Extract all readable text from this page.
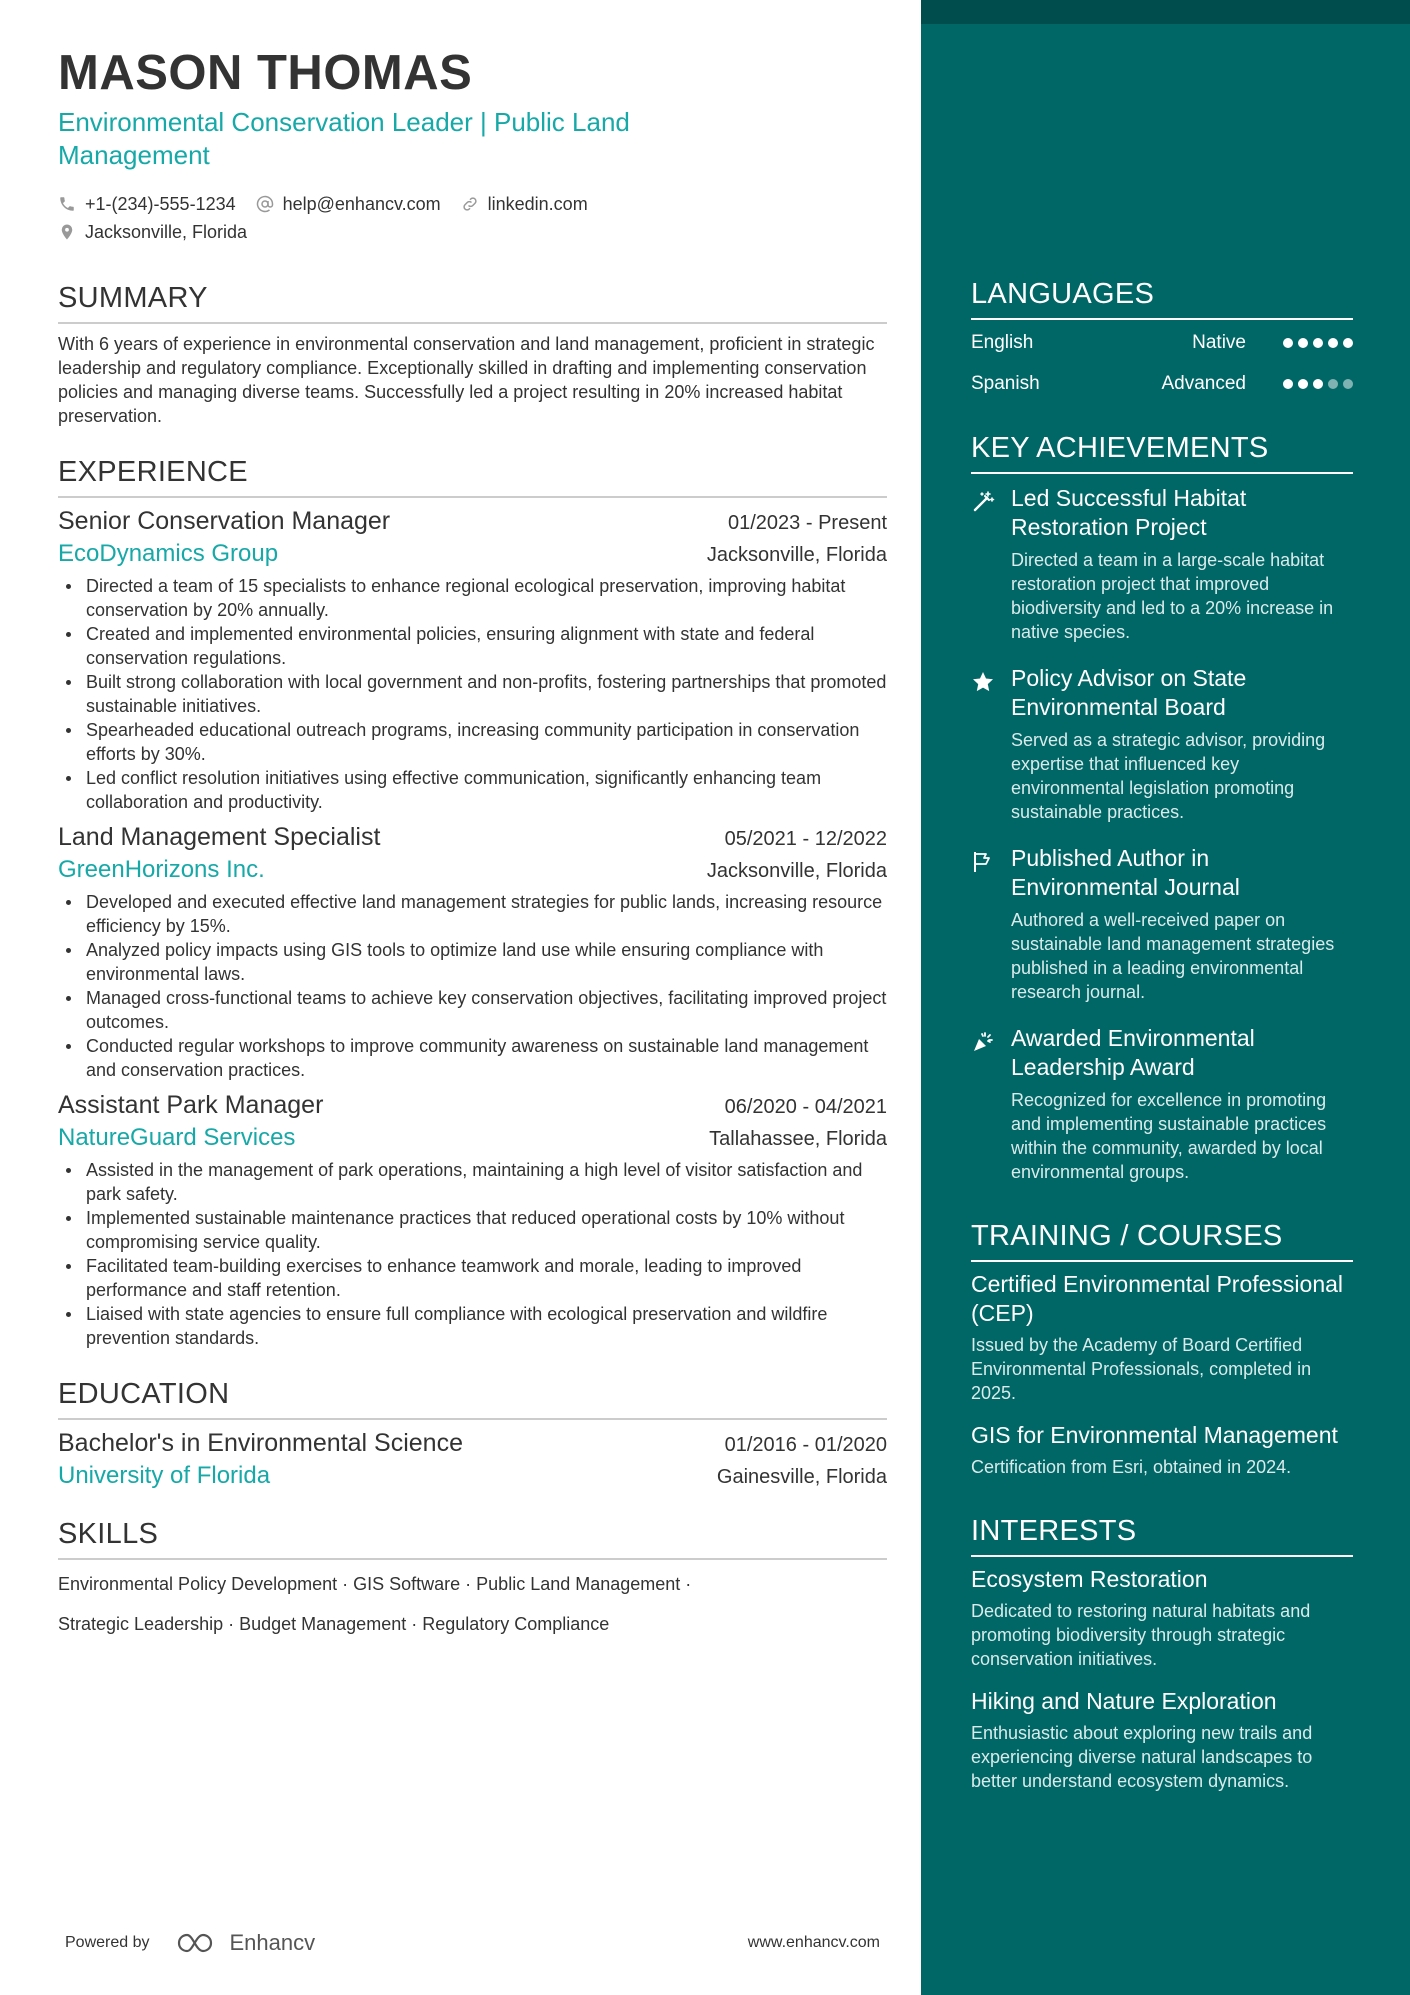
MASON THOMAS
Environmental Conservation Leader | Public Land Management
+1-(234)-555-1234	help@enhancv.com	linkedin.com
Jacksonville, Florida
SUMMARY
With 6 years of experience in environmental conservation and land management, proficient in strategic leadership and regulatory compliance. Exceptionally skilled in drafting and implementing conservation policies and managing diverse teams. Successfully led a project resulting in 20% increased habitat preservation.
EXPERIENCE
Senior Conservation Manager	01/2023 - Present
EcoDynamics Group	Jacksonville, Florida
Directed a team of 15 specialists to enhance regional ecological preservation, improving habitat conservation by 20% annually.
Created and implemented environmental policies, ensuring alignment with state and federal conservation regulations.
Built strong collaboration with local government and non-profits, fostering partnerships that promoted sustainable initiatives.
Spearheaded educational outreach programs, increasing community participation in conservation efforts by 30%.
Led conflict resolution initiatives using effective communication, significantly enhancing team collaboration and productivity.
Land Management Specialist	05/2021 - 12/2022
GreenHorizons Inc.	Jacksonville, Florida
Developed and executed effective land management strategies for public lands, increasing resource efficiency by 15%.
Analyzed policy impacts using GIS tools to optimize land use while ensuring compliance with environmental laws.
Managed cross-functional teams to achieve key conservation objectives, facilitating improved project outcomes.
Conducted regular workshops to improve community awareness on sustainable land management and conservation practices.
Assistant Park Manager	06/2020 - 04/2021
NatureGuard Services	Tallahassee, Florida
Assisted in the management of park operations, maintaining a high level of visitor satisfaction and park safety.
Implemented sustainable maintenance practices that reduced operational costs by 10% without compromising service quality.
Facilitated team-building exercises to enhance teamwork and morale, leading to improved performance and staff retention.
Liaised with state agencies to ensure full compliance with ecological preservation and wildfire prevention standards.
EDUCATION
Bachelor's in Environmental Science	01/2016 - 01/2020
University of Florida	Gainesville, Florida
SKILLS
Environmental Policy Development · GIS Software · Public Land Management ·
Strategic Leadership · Budget Management · Regulatory Compliance
Powered by	Enhancv	www.enhancv.com
LANGUAGES
English	Native
Spanish	Advanced
KEY ACHIEVEMENTS
Led Successful Habitat Restoration Project
Directed a team in a large-scale habitat restoration project that improved biodiversity and led to a 20% increase in native species.
Policy Advisor on State Environmental Board
Served as a strategic advisor, providing expertise that influenced key environmental legislation promoting sustainable practices.
Published Author in Environmental Journal
Authored a well-received paper on sustainable land management strategies published in a leading environmental research journal.
Awarded Environmental Leadership Award
Recognized for excellence in promoting and implementing sustainable practices within the community, awarded by local environmental groups.
TRAINING / COURSES
Certified Environmental Professional (CEP)
Issued by the Academy of Board Certified Environmental Professionals, completed in 2025.
GIS for Environmental Management
Certification from Esri, obtained in 2024.
INTERESTS
Ecosystem Restoration
Dedicated to restoring natural habitats and promoting biodiversity through strategic conservation initiatives.
Hiking and Nature Exploration
Enthusiastic about exploring new trails and experiencing diverse natural landscapes to better understand ecosystem dynamics.
